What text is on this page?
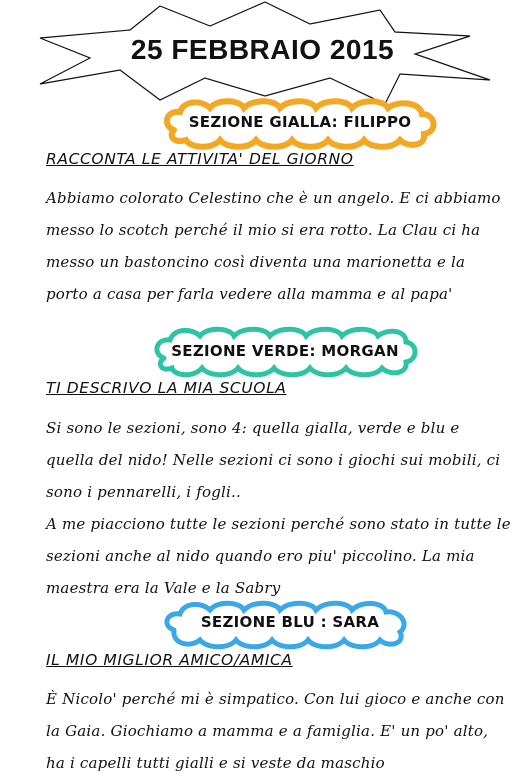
25 FEBBRAIO 2015
SEZIONE GIALLA: FILIPPO
RACCONTA LE ATTIVITA' DEL GIORNO
Abbiamo colorato Celestino che è un angelo. E ci abbiamo messo lo scotch perché il mio si era rotto. La Clau ci ha messo un bastoncino così diventa una marionetta e la porto a casa per farla vedere alla mamma e al papa'
SEZIONE VERDE: MORGAN
TI DESCRIVO LA MIA SCUOLA
Si sono le sezioni, sono 4: quella gialla, verde e blu e quella del nido! Nelle sezioni ci sono i giochi sui mobili, ci sono i pennarelli, i fogli..
A me piacciono tutte le sezioni perché sono stato in tutte le sezioni anche al nido quando ero piu' piccolino. La mia maestra era la Vale e la Sabry
SEZIONE BLU : SARA
IL MIO MIGLIOR AMICO/AMICA
È Nicolo' perché mi è simpatico. Con lui gioco e anche con la Gaia. Giochiamo a mamma e a famiglia. E' un po' alto, ha i capelli tutti gialli e si veste da maschio
